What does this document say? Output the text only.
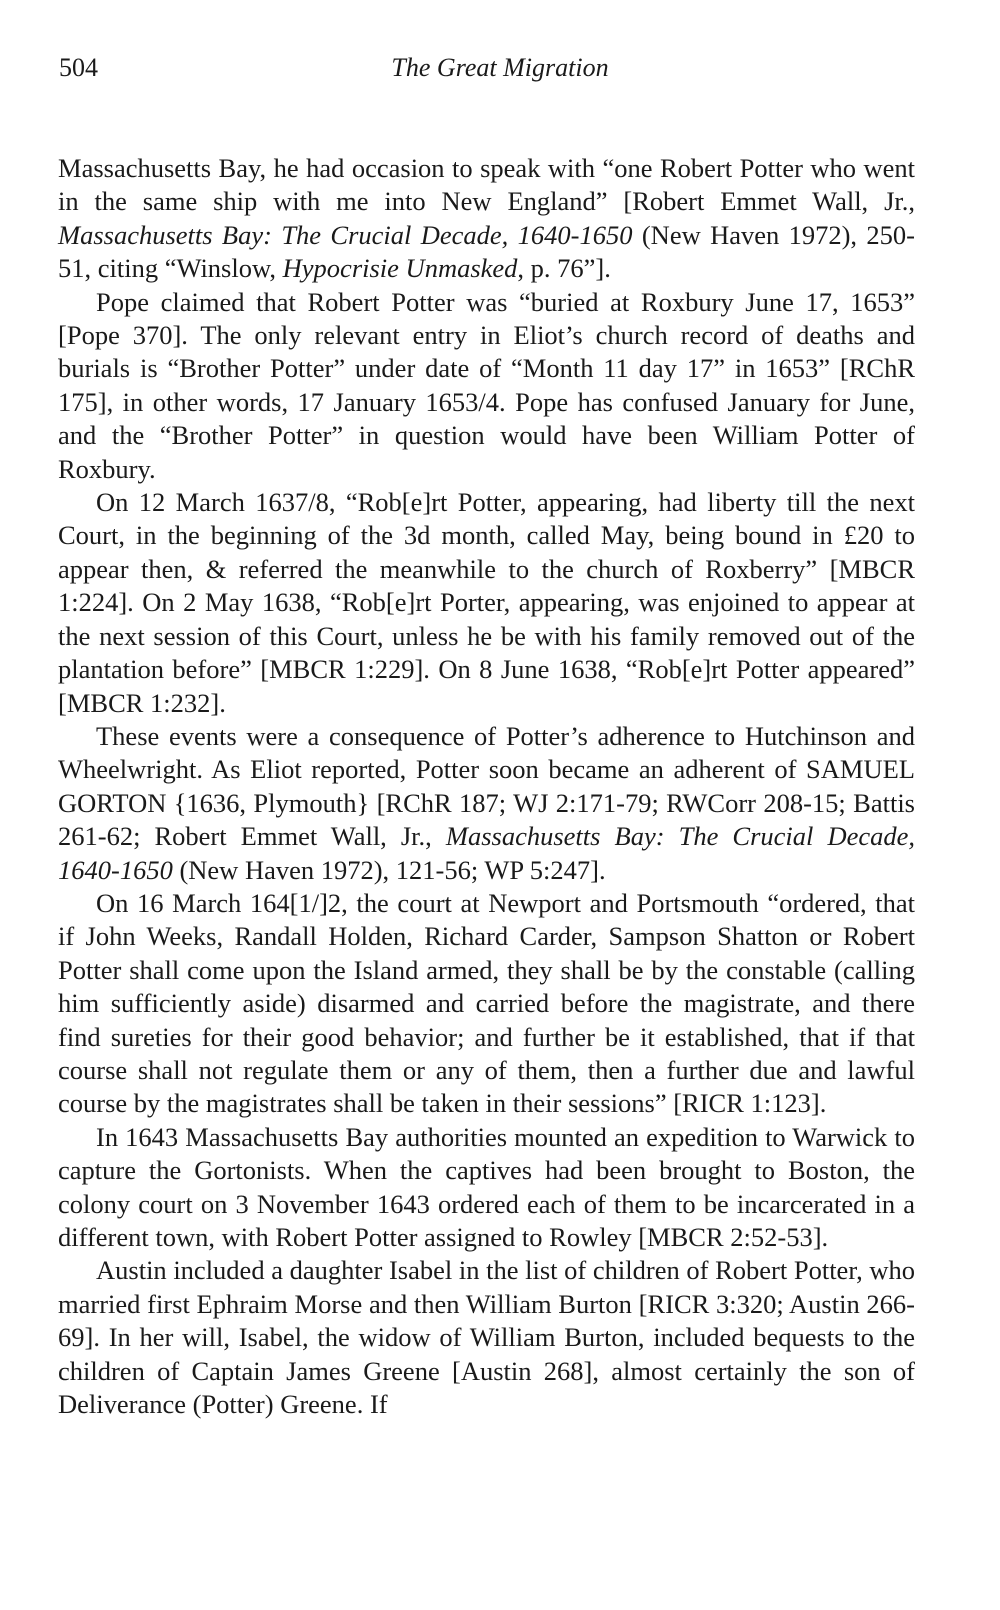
504	The Great Migration

Massachusetts Bay, he had occasion to speak with “one Robert Potter who went in the same ship with me into New England” [Robert Emmet Wall, Jr., Massachusetts Bay: The Crucial Decade, 1640-1650 (New Haven 1972), 250-51, citing “Winslow, Hypocrisie Unmasked, p. 76”].

Pope claimed that Robert Potter was “buried at Roxbury June 17, 1653” [Pope 370]. The only relevant entry in Eliot’s church record of deaths and burials is “Brother Potter” under date of “Month 11 day 17” in 1653” [RChR 175], in other words, 17 January 1653/4. Pope has confused January for June, and the “Brother Potter” in question would have been William Potter of Roxbury.

On 12 March 1637/8, “Rob[e]rt Potter, appearing, had liberty till the next Court, in the beginning of the 3d month, called May, being bound in £20 to appear then, & referred the meanwhile to the church of Roxberry” [MBCR 1:224]. On 2 May 1638, “Rob[e]rt Porter, appearing, was enjoined to appear at the next session of this Court, unless he be with his family removed out of the plantation before” [MBCR 1:229]. On 8 June 1638, “Rob[e]rt Potter appeared” [MBCR 1:232].

These events were a consequence of Potter’s adherence to Hutchinson and Wheelwright. As Eliot reported, Potter soon became an adherent of SAMUEL GORTON {1636, Plymouth} [RChR 187; WJ 2:171-79; RWCorr 208-15; Battis 261-62; Robert Emmet Wall, Jr., Massachusetts Bay: The Crucial Decade, 1640-1650 (New Haven 1972), 121-56; WP 5:247].

On 16 March 164[1/]2, the court at Newport and Portsmouth “ordered, that if John Weeks, Randall Holden, Richard Carder, Sampson Shatton or Robert Potter shall come upon the Island armed, they shall be by the constable (calling him sufficiently aside) disarmed and carried before the magistrate, and there find sureties for their good behavior; and further be it established, that if that course shall not regulate them or any of them, then a further due and lawful course by the magistrates shall be taken in their sessions” [RICR 1:123].

In 1643 Massachusetts Bay authorities mounted an expedition to Warwick to capture the Gortonists. When the captives had been brought to Boston, the colony court on 3 November 1643 ordered each of them to be incarcerated in a different town, with Robert Potter assigned to Rowley [MBCR 2:52-53].

Austin included a daughter Isabel in the list of children of Robert Potter, who married first Ephraim Morse and then William Burton [RICR 3:320; Austin 266-69]. In her will, Isabel, the widow of William Burton, included bequests to the children of Captain James Greene [Austin 268], almost certainly the son of Deliverance (Potter) Greene. If
